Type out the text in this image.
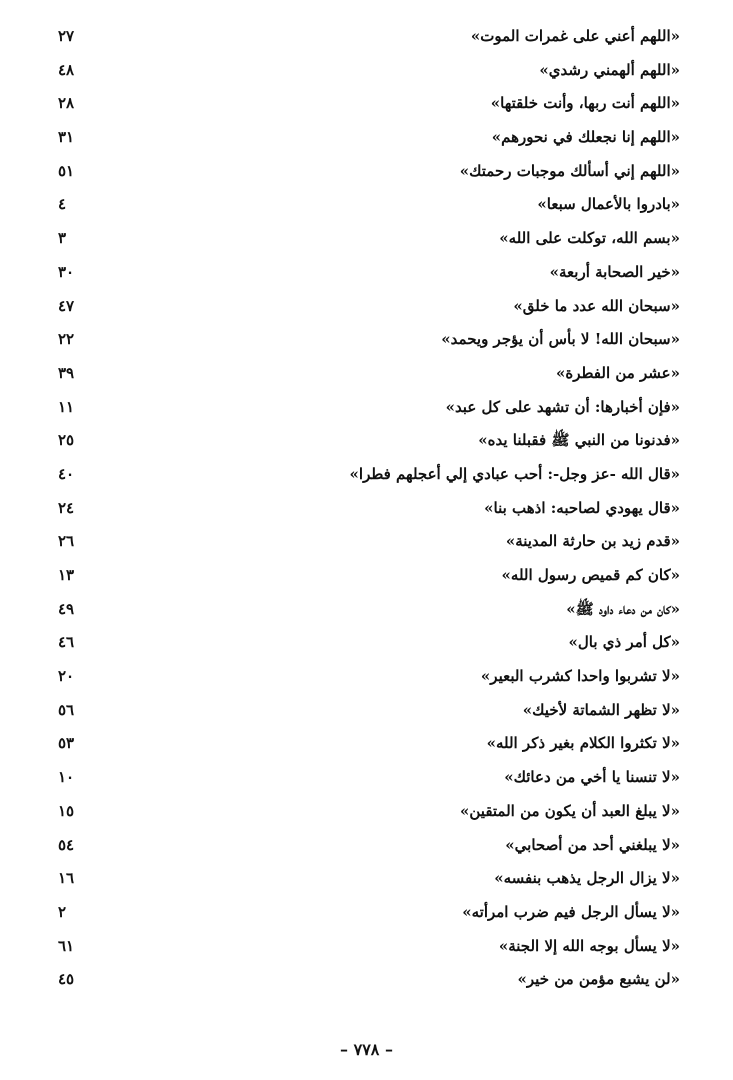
«اللهم أعني على غمرات الموت»
٢٧
«اللهم ألهمني رشدي»
٤٨
«اللهم أنت ربها، وأنت خلقتها»
٢٨
«اللهم إنا نجعلك في نحورهم»
٣١
«اللهم إني أسألك موجبات رحمتك»
٥١
«بادروا بالأعمال سبعا»
٤
«بسم الله، توكلت على الله»
٣
«خير الصحابة أربعة»
٣٠
«سبحان الله عدد ما خلق»
٤٧
«سبحان الله! لا بأس أن يؤجر ويحمد»
٢٢
«عشر من الفطرة»
٣٩
«فإن أخبارها: أن تشهد على كل عبد»
١١
«فدنونا من النبي ﷺ فقبلنا يده»
٢٥
«قال الله -عز وجل-: أحب عبادي إلي أعجلهم فطرا»
٤٠
«قال يهودي لصاحبه: اذهب بنا»
٢٤
«قدم زيد بن حارثة المدينة»
٢٦
«كان كم قميص رسول الله»
١٣
«كان من دعاء داود ﷺ»
٤٩
«كل أمر ذي بال»
٤٦
«لا تشربوا واحدا كشرب البعير»
٢٠
«لا تظهر الشماتة لأخيك»
٥٦
«لا تكثروا الكلام بغير ذكر الله»
٥٣
«لا تنسنا يا أخي من دعائك»
١٠
«لا يبلغ العبد أن يكون من المتقين»
١٥
«لا يبلغني أحد من أصحابي»
٥٤
«لا يزال الرجل يذهب بنفسه»
١٦
«لا يسأل الرجل فيم ضرب امرأته»
٢
«لا يسأل بوجه الله إلا الجنة»
٦١
«لن يشبع مؤمن من خير»
٤٥
– ٧٧٨ –
